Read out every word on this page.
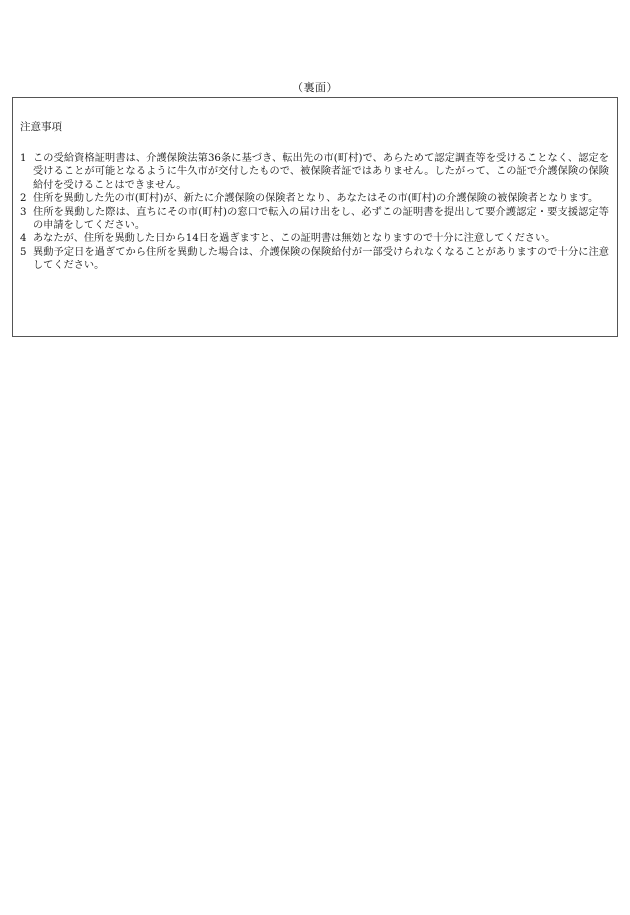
（裏面）
注意事項
1 この受給資格証明書は、介護保険法第36条に基づき、転出先の市(町村)で、あらためて認定調査等を受けることなく、認定を受けることが可能となるように牛久市が交付したもので、被保険者証ではありません。したがって、この証で介護保険の保険給付を受けることはできません。
2 住所を異動した先の市(町村)が、新たに介護保険の保険者となり、あなたはその市(町村)の介護保険の被保険者となります。
3 住所を異動した際は、直ちにその市(町村)の窓口で転入の届け出をし、必ずこの証明書を提出して要介護認定・要支援認定等の申請をしてください。
4 あなたが、住所を異動した日から14日を過ぎますと、この証明書は無効となりますので十分に注意してください。
5 異動予定日を過ぎてから住所を異動した場合は、介護保険の保険給付が一部受けられなくなることがありますので十分に注意してください。
